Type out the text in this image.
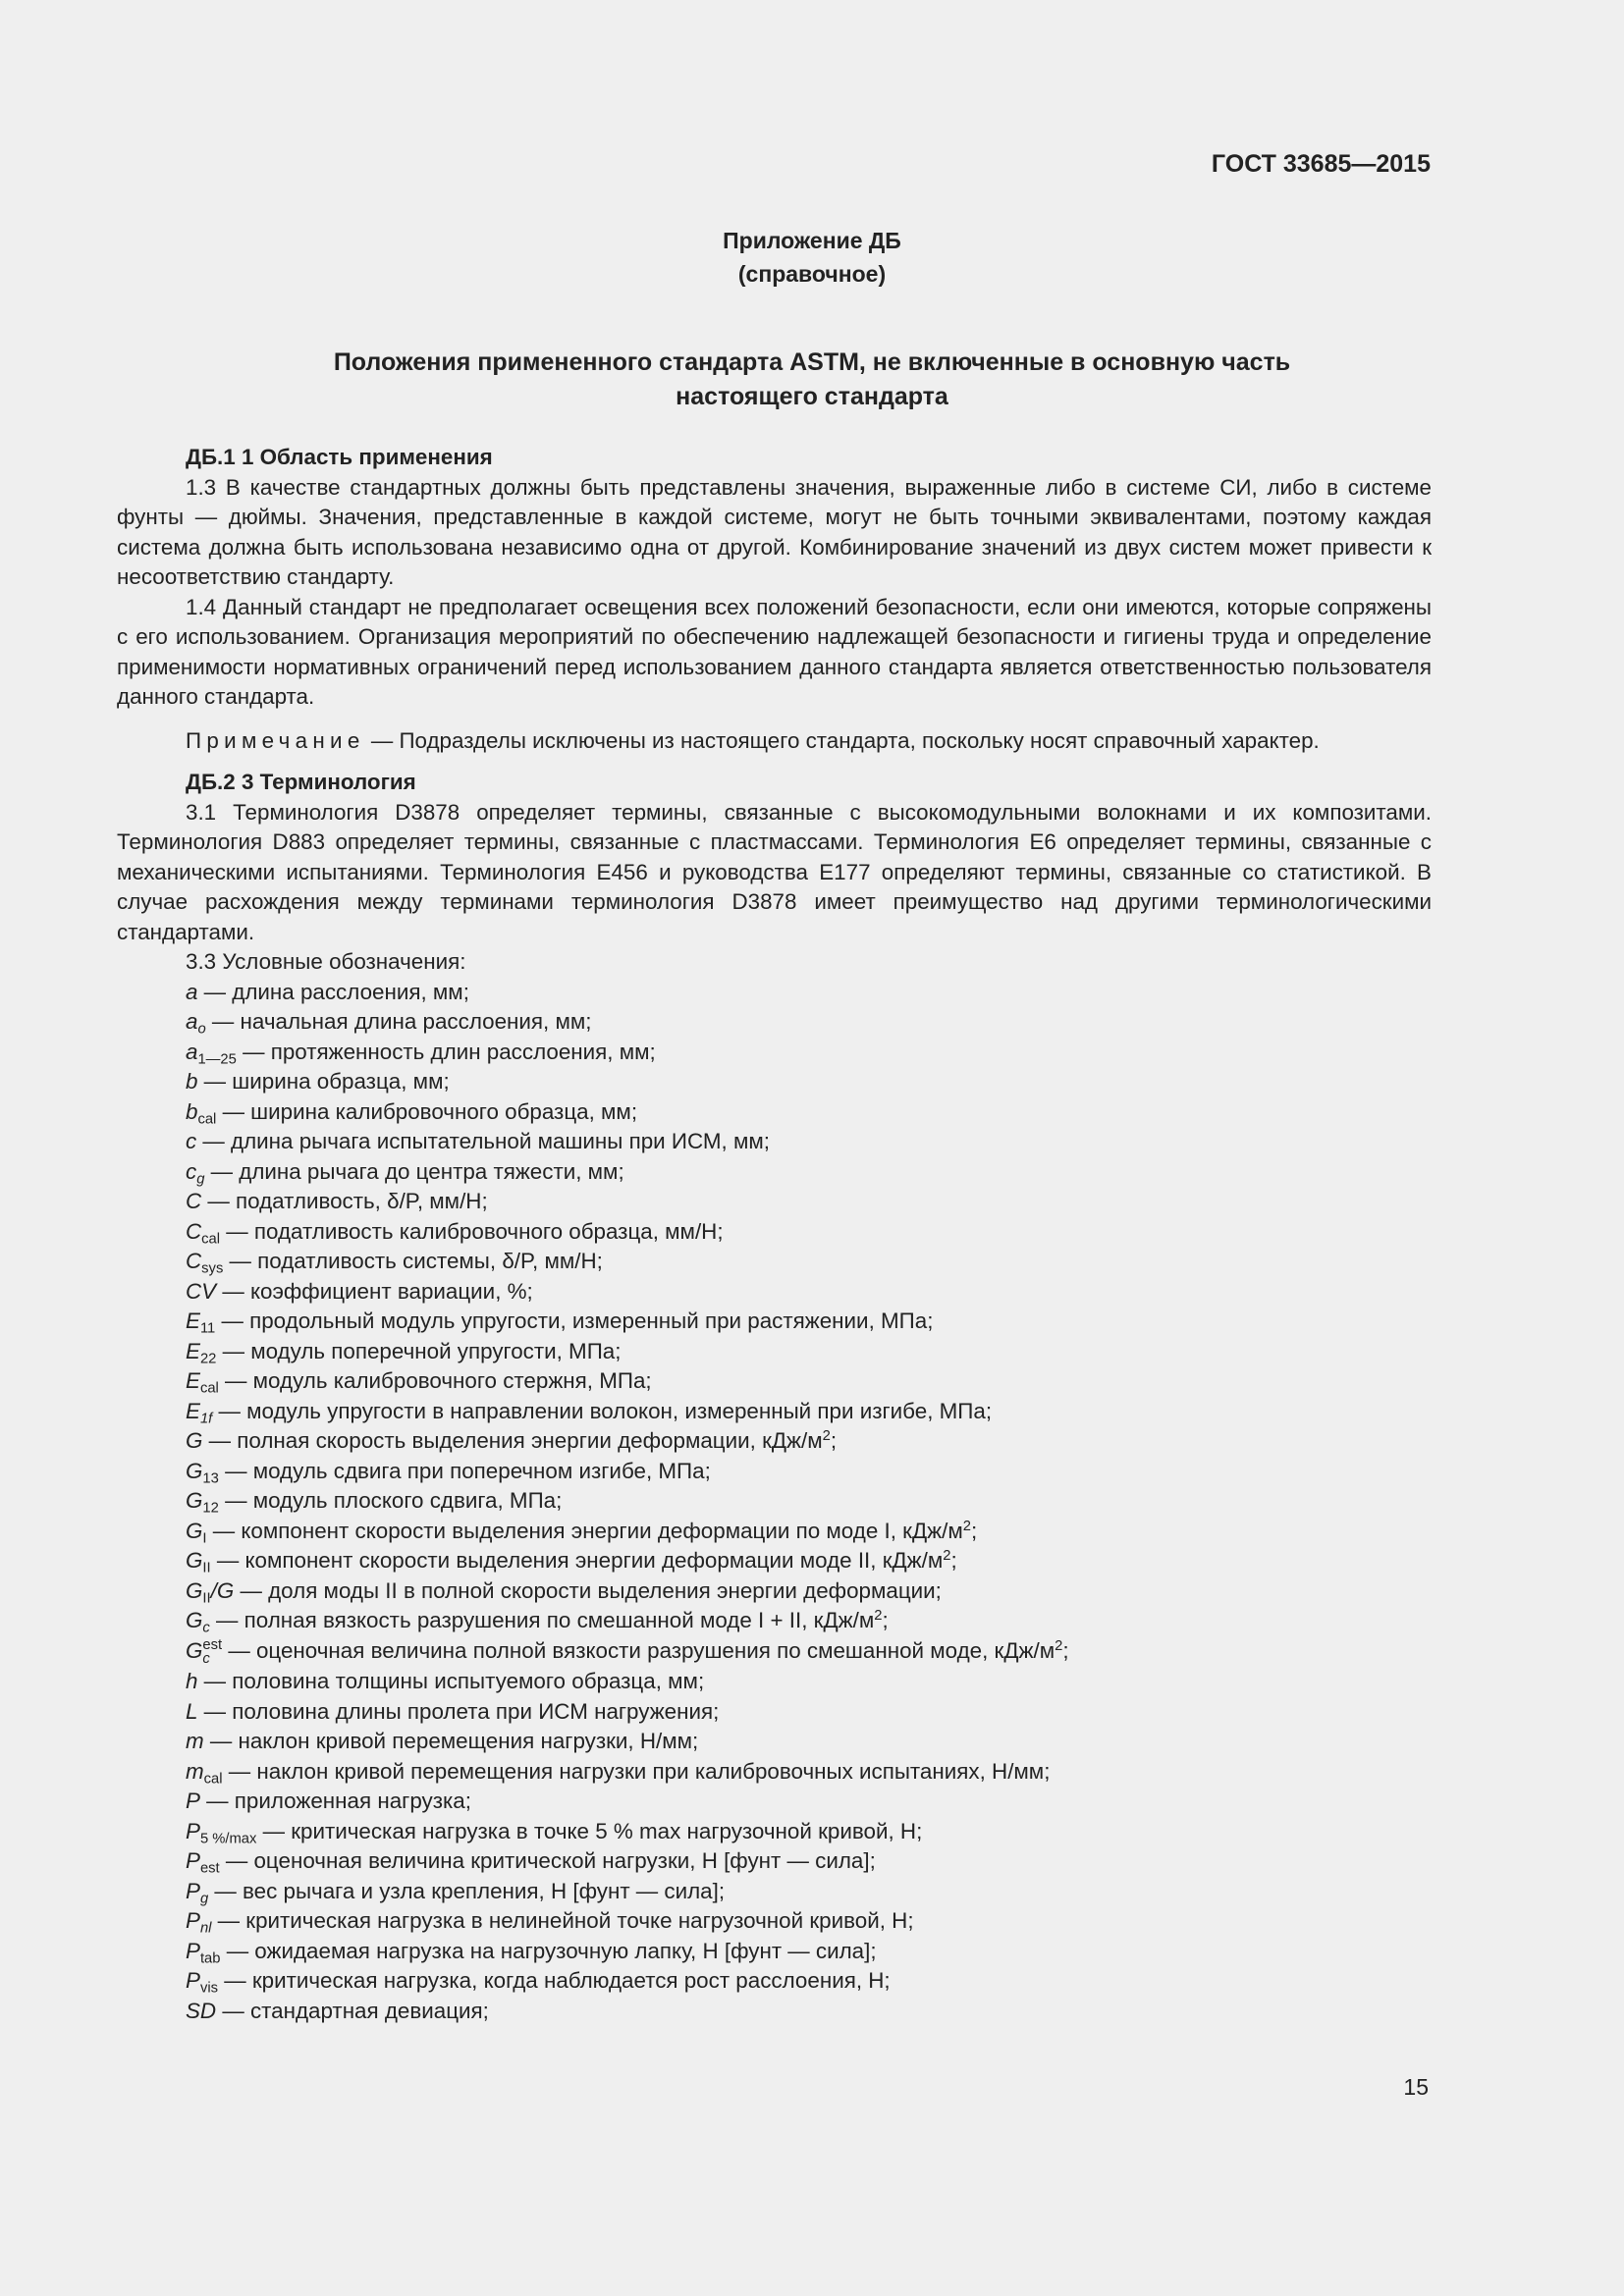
ГОСТ 33685—2015
Приложение ДБ
(справочное)
Положения примененного стандарта ASTM, не включенные в основную часть
настоящего стандарта

ДБ.1 1 Область применения

1.3 В качестве стандартных должны быть представлены значения, выраженные либо в системе СИ, либо в системе фунты — дюймы. Значения, представленные в каждой системе, могут не быть точными эквивалентами, поэтому каждая система должна быть использована независимо одна от другой. Комбинирование значений из двух систем может привести к несоответствию стандарту.

1.4 Данный стандарт не предполагает освещения всех положений безопасности, если они имеются, которые сопряжены с его использованием. Организация мероприятий по обеспечению надлежащей безопасности и гигиены труда и определение применимости нормативных ограничений перед использованием данного стандарта является ответственностью пользователя данного стандарта.

Примечание — Подразделы исключены из настоящего стандарта, поскольку носят справочный характер.

ДБ.2 3 Терминология

3.1 Терминология D3878 определяет термины, связанные с высокомодульными волокнами и их композитами. Терминология D883 определяет термины, связанные с пластмассами. Терминология E6 определяет термины, связанные с механическими испытаниями. Терминология E456 и руководства E177 определяют термины, связанные со статистикой. В случае расхождения между терминами терминология D3878 имеет преимущество над другими терминологическими стандартами.

3.3 Условные обозначения:

a — длина расслоения, мм;

$a_o$ — начальная длина расслоения, мм;

$a_{1—25}$ — протяженность длин расслоения, мм;

b — ширина образца, мм;

$b_{cal}$ — ширина калибровочного образца, мм;

c — длина рычага испытательной машины при ИСМ, мм;

$c_g$ — длина рычага до центра тяжести, мм;

C — податливость, δ/P, мм/Н;

$C_{cal}$ — податливость калибровочного образца, мм/Н;

$C_{sys}$ — податливость системы, δ/P, мм/Н;

CV — коэффициент вариации, %;

$E_{11}$ — продольный модуль упругости, измеренный при растяжении, МПа;

$E_{22}$ — модуль поперечной упругости, МПа;

$E_{cal}$ — модуль калибровочного стержня, МПа;

$E_{1f}$ — модуль упругости в направлении волокон, измеренный при изгибе, МПа;

G — полная скорость выделения энергии деформации, кДж/$м^2$;

$G_{13}$ — модуль сдвига при поперечном изгибе, МПа;

$G_{12}$ — модуль плоского сдвига, МПа;

$G_I$ — компонент скорости выделения энергии деформации по моде I, кДж/$м^2$;

$G_{II}$ — компонент скорости выделения энергии деформации моде II, кДж/$м^2$;

$G_{II}/G$ — доля моды II в полной скорости выделения энергии деформации;

$G_c$ — полная вязкость разрушения по смешанной моде I + II, кДж/$м^2$;

G est
c — оценочная величина полной вязкости разрушения по смешанной моде, кДж/$м^2$;

h — половина толщины испытуемого образца, мм;

L — половина длины пролета при ИСМ нагружения;

m — наклон кривой перемещения нагрузки, Н/мм;

$m_{cal}$ — наклон кривой перемещения нагрузки при калибровочных испытаниях, Н/мм;

P — приложенная нагрузка;

$P_{5 \%/max}$ — критическая нагрузка в точке 5 % max нагрузочной кривой, Н;

$P_{est}$ — оценочная величина критической нагрузки, Н [фунт — сила];

$P_g$ — вес рычага и узла крепления, Н [фунт — сила];

$P_{nl}$ — критическая нагрузка в нелинейной точке нагрузочной кривой, Н;

$P_{tab}$ — ожидаемая нагрузка на нагрузочную лапку, Н [фунт — сила];

$P_{vis}$ — критическая нагрузка, когда наблюдается рост расслоения, Н;

SD — стандартная девиация;

15
